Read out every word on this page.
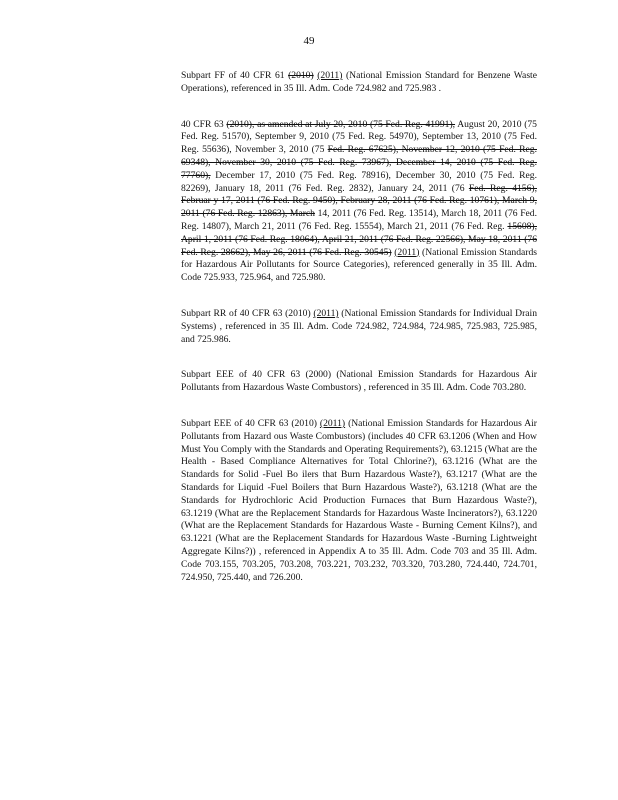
49

Subpart FF of 40 CFR 61 (2010) (2011) (National Emission Standard for Benzene Waste Operations), referenced in 35 Ill. Adm. Code 724.982 and 725.983 .

40 CFR 63 (2010), as amended at July 20, 2010 (75 Fed. Reg. 41991), August 20, 2010 (75 Fed. Reg. 51570), September 9, 2010 (75 Fed. Reg. 54970), September 13, 2010 (75 Fed. Reg. 55636), November 3, 2010 (75 Fed. Reg. 67625), November 12, 2010 (75 Fed. Reg. 69348), November 30, 2010 (75 Fed. Reg. 73967), December 14, 2010 (75 Fed. Reg. 77760), December 17, 2010 (75 Fed. Reg. 78916), December 30, 2010 (75 Fed. Reg. 82269), January 18, 2011 (76 Fed. Reg. 2832), January 24, 2011 (76 Fed. Reg. 4156), Februar y 17, 2011 (76 Fed. Reg. 9450), February 28, 2011 (76 Fed. Reg. 10761), March 9, 2011 (76 Fed. Reg. 12863), March 14, 2011 (76 Fed. Reg. 13514), March 18, 2011 (76 Fed. Reg. 14807), March 21, 2011 (76 Fed. Reg. 15554), March 21, 2011 (76 Fed. Reg. 15608), April 1, 2011 (76 Fed. Reg. 18064), April 21, 2011 (76 Fed. Reg. 22566), May 18, 2011 (76 Fed. Reg. 28662), May 26, 2011 (76 Fed. Reg. 30545) (2011) (National Emission Standards for Hazardous Air Pollutants for Source Categories), referenced generally in 35 Ill. Adm. Code 725.933, 725.964, and 725.980.

Subpart RR of 40 CFR 63 (2010) (2011) (National Emission Standards for Individual Drain Systems) , referenced in 35 Ill. Adm. Code 724.982, 724.984, 724.985, 725.983, 725.985, and 725.986.

Subpart EEE of 40 CFR 63 (2000) (National Emission Standards for Hazardous Air Pollutants from Hazardous Waste Combustors) , referenced in 35 Ill. Adm. Code 703.280.

Subpart EEE of 40 CFR 63 (2010) (2011) (National Emission Standards for Hazardous Air Pollutants from Hazard ous Waste Combustors) (includes 40 CFR 63.1206 (When and How Must You Comply with the Standards and Operating Requirements?), 63.1215 (What are the Health - Based Compliance Alternatives for Total Chlorine?), 63.1216 (What are the Standards for Solid -Fuel Bo ilers that Burn Hazardous Waste?), 63.1217 (What are the Standards for Liquid -Fuel Boilers that Burn Hazardous Waste?), 63.1218 (What are the Standards for Hydrochloric Acid Production Furnaces that Burn Hazardous Waste?), 63.1219 (What are the Replacement Standards for Hazardous Waste Incinerators?), 63.1220 (What are the Replacement Standards for Hazardous Waste - Burning Cement Kilns?), and 63.1221 (What are the Replacement Standards for Hazardous Waste -Burning Lightweight Aggregate Kilns?)) , referenced in Appendix A to 35 Ill. Adm. Code 703 and 35 Ill. Adm. Code 703.155, 703.205, 703.208, 703.221, 703.232, 703.320, 703.280, 724.440, 724.701, 724.950, 725.440, and 726.200.
